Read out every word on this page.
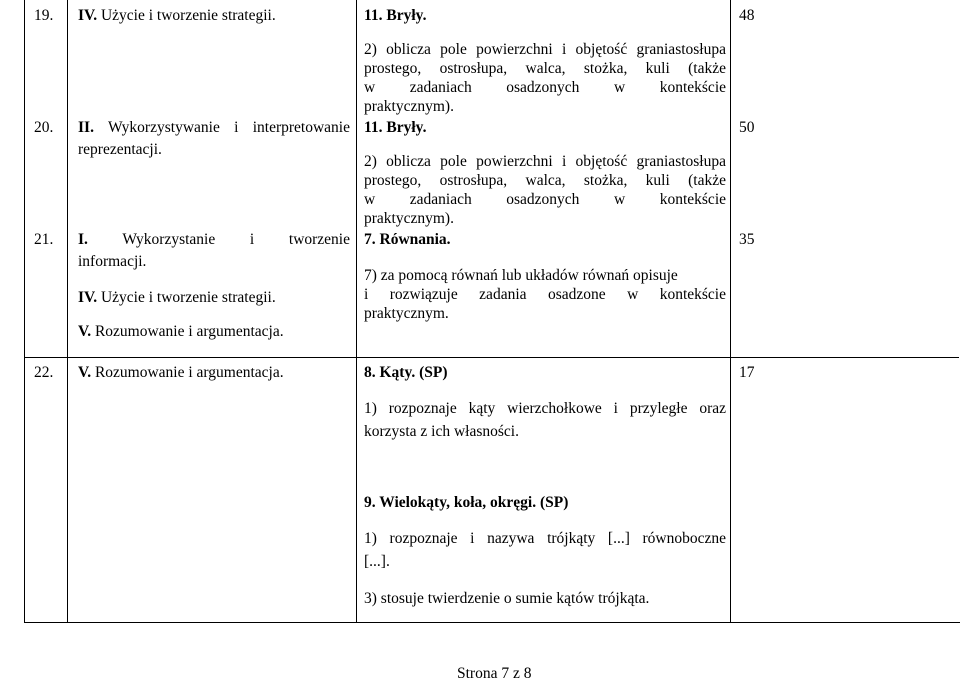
19. IV. Użycie i tworzenie strategii.	11. Bryły.
2) oblicza pole powierzchni i objętość graniastosłupa
prostego, ostrosłupa, walca, stożka, kuli (także
w zadaniach osadzonych w kontekście
praktycznym).
48
20. II. Wykorzystywanie i interpretowanie
reprezentacji.
11. Bryły.
2) oblicza pole powierzchni i objętość graniastosłupa
prostego, ostrosłupa, walca, stożka, kuli (także
w zadaniach osadzonych w kontekście
praktycznym).
50
21. I. Wykorzystanie i tworzenie
informacji.
IV. Użycie i tworzenie strategii.
V. Rozumowanie i argumentacja.
7. Równania.
7) za pomocą równań lub układów równań opisuje
i rozwiązuje zadania osadzone w kontekście
praktycznym.
35
22. V. Rozumowanie i argumentacja.	8. Kąty. (SP)
1) rozpoznaje kąty wierzchołkowe i przyległe oraz
korzysta z ich własności.
9. Wielokąty, koła, okręgi. (SP)
1) rozpoznaje i nazywa trójkąty [...] równoboczne
[...].
3) stosuje twierdzenie o sumie kątów trójkąta.
17
Strona 7 z 8
